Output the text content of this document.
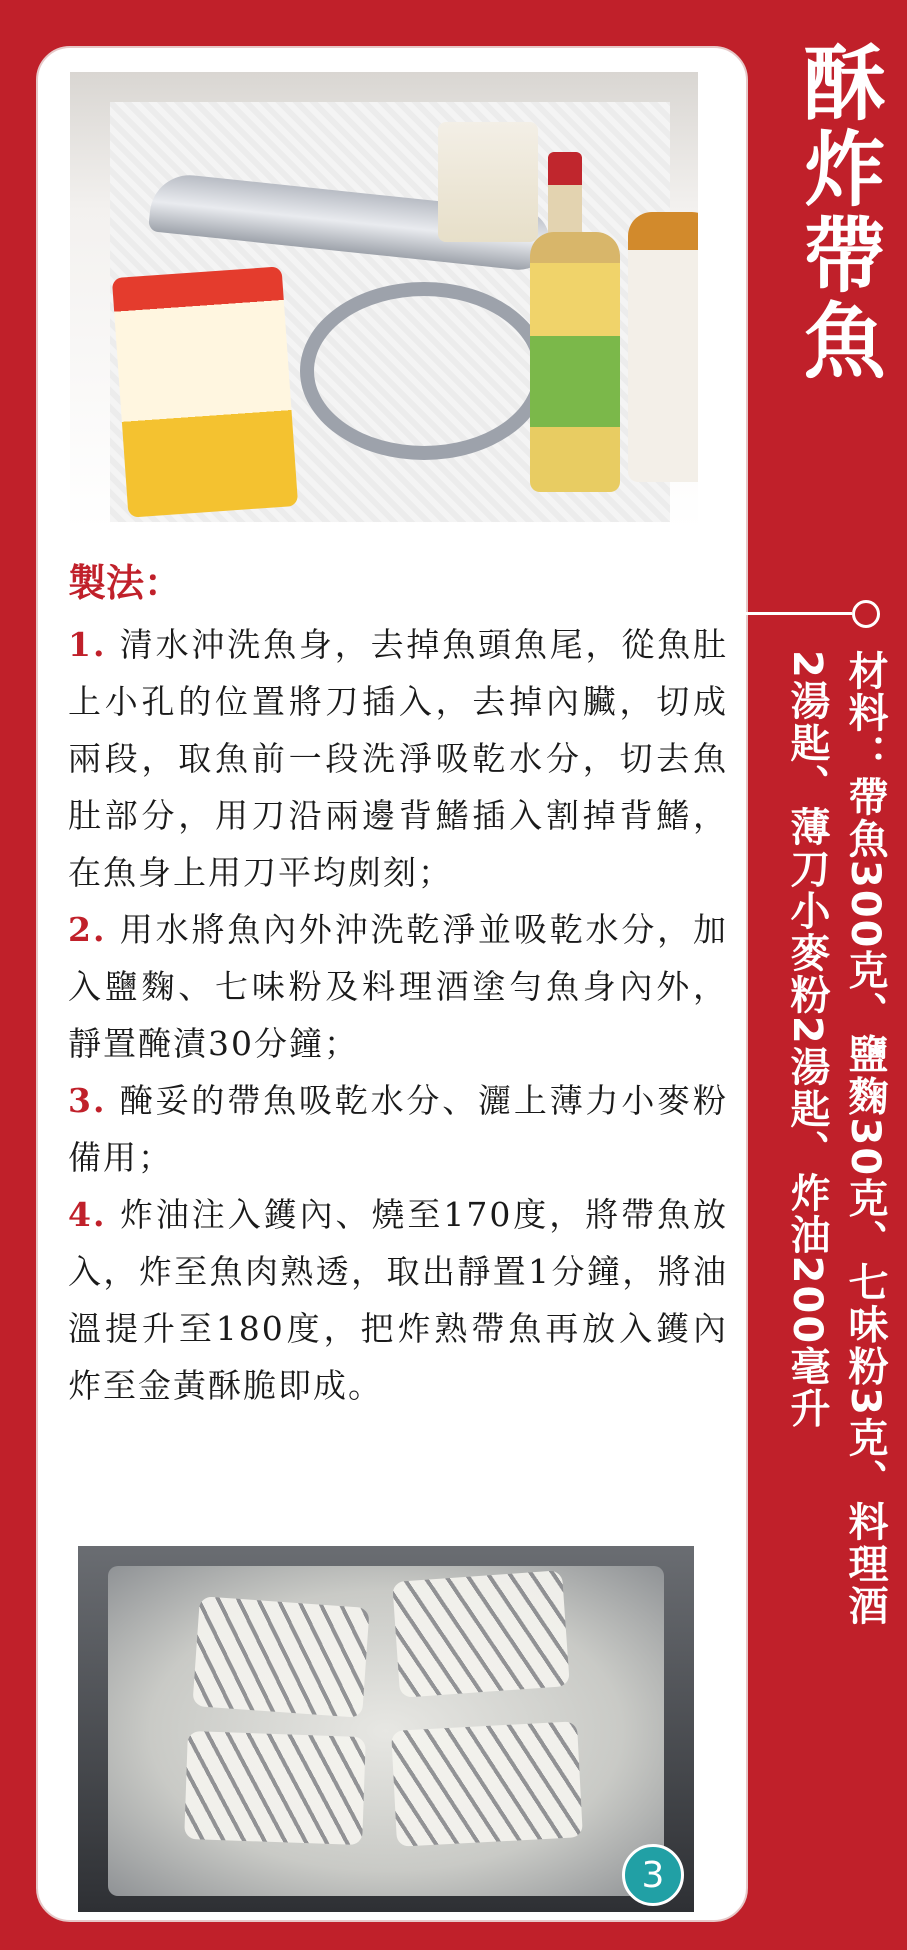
製法：
1. 清水沖洗魚身，去掉魚頭魚尾，從魚肚上小孔的位置將刀插入，去掉內臟，切成兩段，取魚前一段洗淨吸乾水分，切去魚肚部分，用刀沿兩邊背鰭插入割掉背鰭，在魚身上用刀平均㓟刻；
2. 用水將魚內外沖洗乾淨並吸乾水分，加入鹽麴、七味粉及料理酒塗勻魚身內外，靜置醃漬30分鐘；
3. 醃妥的帶魚吸乾水分、灑上薄力小麥粉備用；
4. 炸油注入鑊內、燒至170度，將帶魚放入，炸至魚肉熟透，取出靜置1分鐘，將油溫提升至180度，把炸熟帶魚再放入鑊內炸至金黃酥脆即成。
3
酥炸帶魚
材料：帶魚300克、鹽麴30克、七味粉3克、料理酒2湯匙、薄刀小麥粉2湯匙、炸油200毫升
